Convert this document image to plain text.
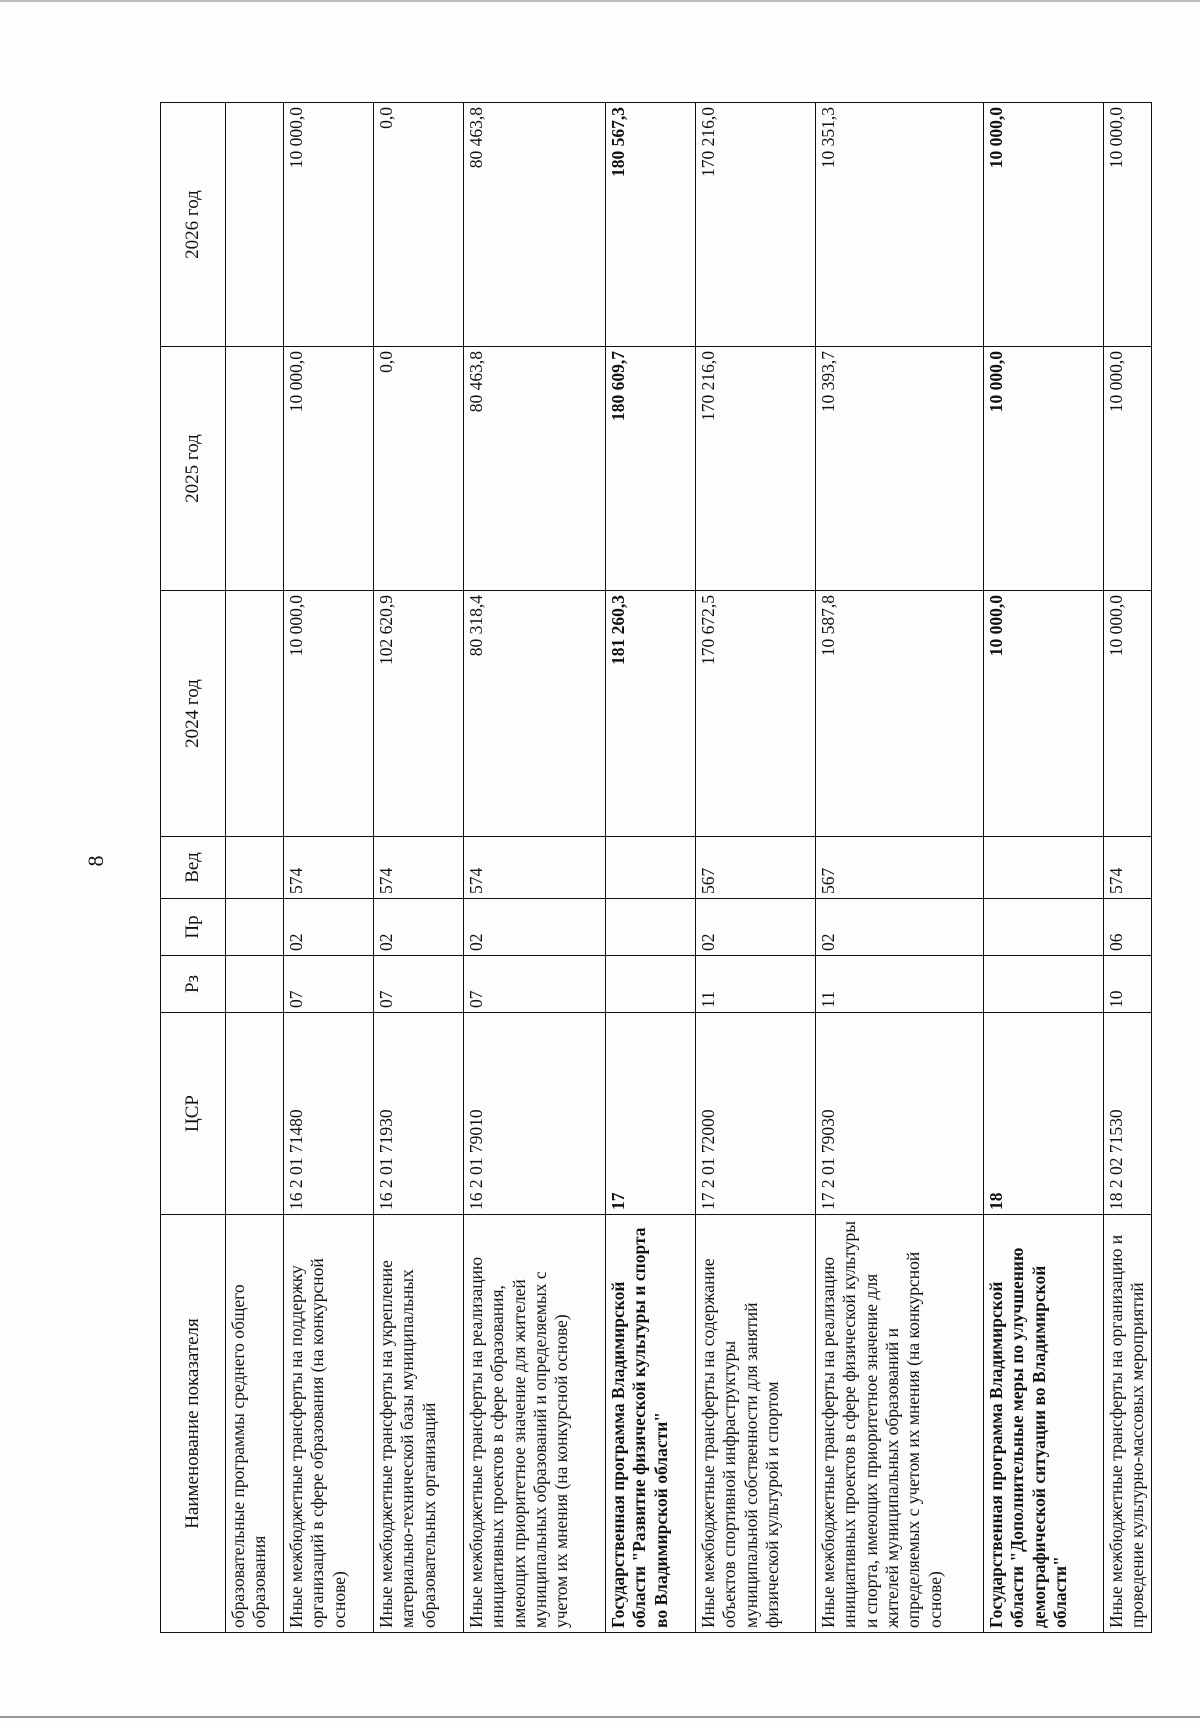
8
Наименование показателя	ЦСР	Рз	Пр	Вед	2024 год	2025 год	2026 год
образовательные программы среднего общего образования							
Иные межбюджетные трансферты на поддержку организаций в сфере образования (на конкурсной основе)	16 2 01 71480	07	02	574	10 000,0	10 000,0	10 000,0
Иные межбюджетные трансферты на укрепление материально-технической базы муниципальных образовательных организаций	16 2 01 71930	07	02	574	102 620,9	0,0	0,0
Иные межбюджетные трансферты на реализацию инициативных проектов в сфере образования, имеющих приоритетное значение для жителей муниципальных образований и определяемых с учетом их мнения (на конкурсной основе)	16 2 01 79010	07	02	574	80 318,4	80 463,8	80 463,8
Государственная программа Владимирской области "Развитие физической культуры и спорта во Владимирской области"	17				181 260,3	180 609,7	180 567,3
Иные межбюджетные трансферты на содержание объектов спортивной инфраструктуры муниципальной собственности для занятий физической культурой и спортом	17 2 01 72000	11	02	567	170 672,5	170 216,0	170 216,0
Иные межбюджетные трансферты на реализацию инициативных проектов в сфере физической культуры и спорта, имеющих приоритетное значение для жителей муниципальных образований и определяемых с учетом их мнения (на конкурсной основе)	17 2 01 79030	11	02	567	10 587,8	10 393,7	10 351,3
Государственная программа Владимирской области "Дополнительные меры по улучшению демографической ситуации во Владимирской области"	18				10 000,0	10 000,0	10 000,0
Иные межбюджетные трансферты на организацию и проведение культурно-массовых мероприятий	18 2 02 71530	10	06	574	10 000,0	10 000,0	10 000,0
